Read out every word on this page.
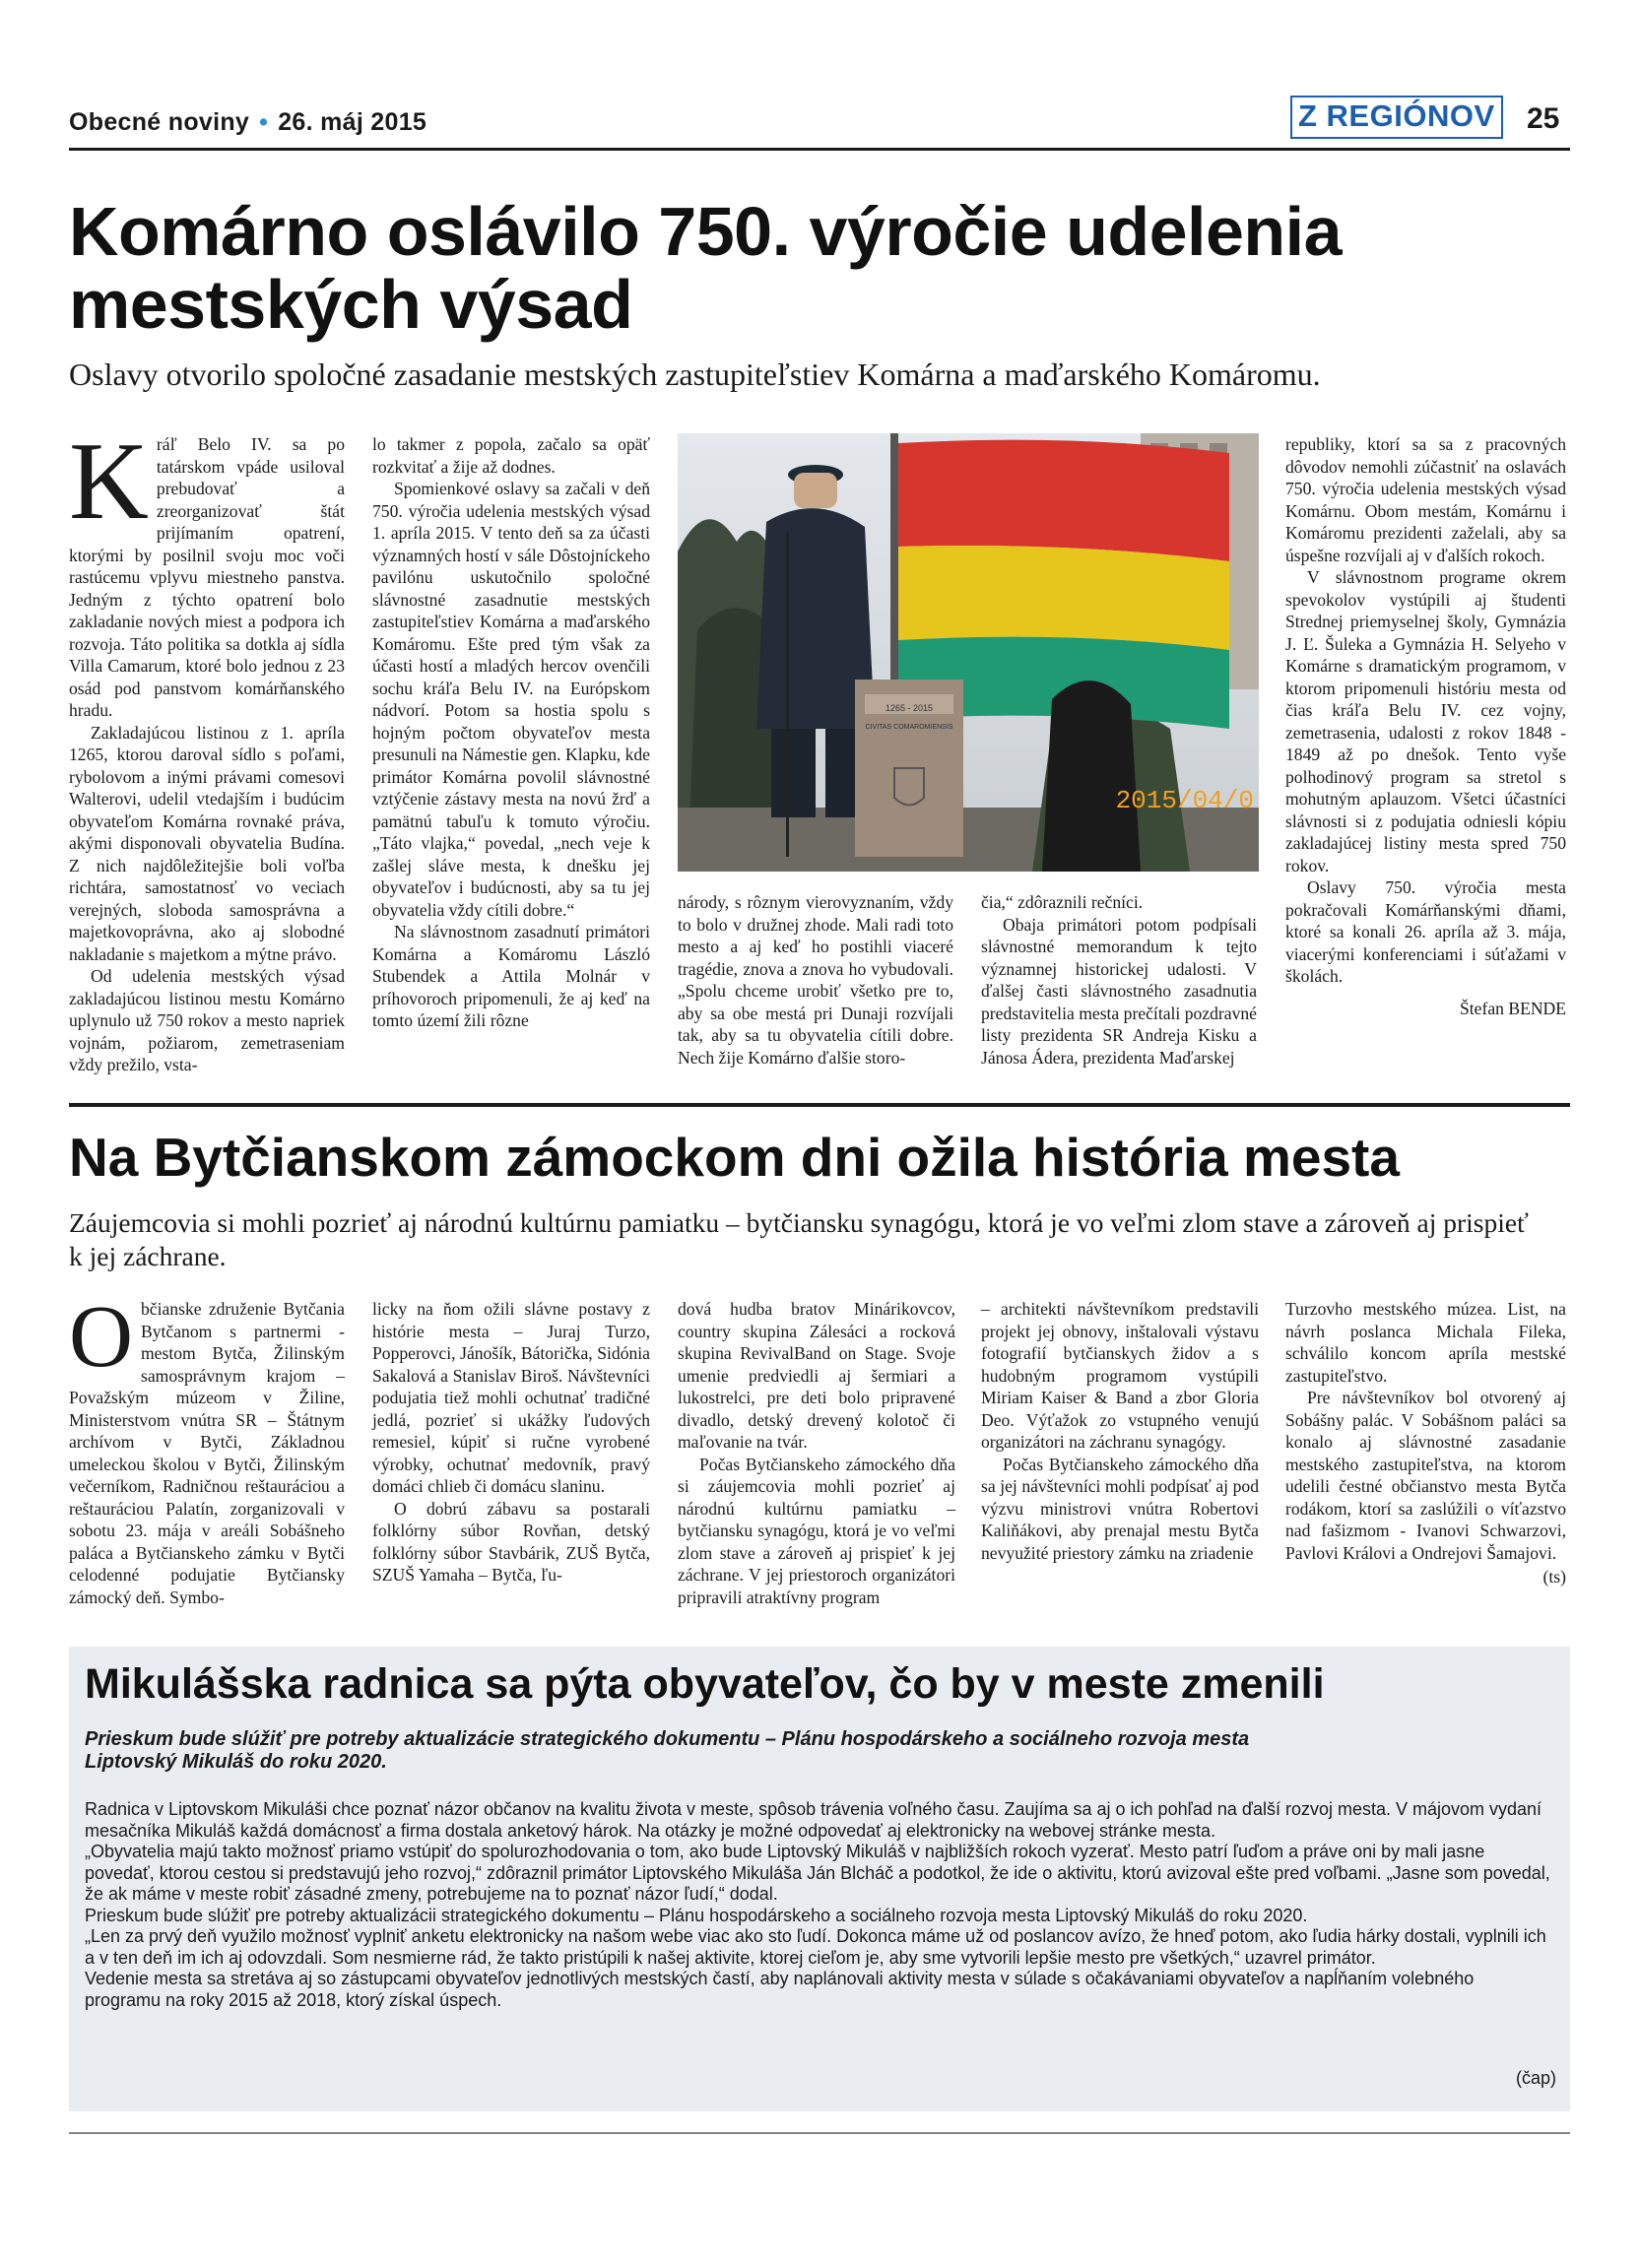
Obecné noviny • 26. máj 2015	Z REGIÓNOV 25
Komárno oslávilo 750. výročie udelenia mestských výsad
Oslavy otvorilo spoločné zasadanie mestských zastupiteľstiev Komárna a maďarského Komáromu.
K ráľ Belo IV. sa po tatárskom vpáde usiloval prebudovať a zreorganizovať štát prijímaním opatrení, ktorými by posilnil svoju moc voči rastúcemu vplyvu miestneho panstva. Jedným z týchto opatrení bolo zakladanie nových miest a podpora ich rozvoja. Táto politika sa dotkla aj sídla Villa Camarum, ktoré bolo jednou z 23 osád pod panstvom komárňanského hradu.

Zakladajúcou listinou z 1. apríla 1265, ktorou daroval sídlo s poľami, rybolovom a inými právami comesovi Walterovi, udelil vtedajším i budúcim obyvateľom Komárna rovnaké práva, akými disponovali obyvatelia Budína. Z nich najdôležitejšie boli voľba richtára, samostatnosť vo veciach verejných, sloboda samosprávna a majetkovoprávna, ako aj slobodné nakladanie s majetkom a mýtne právo.

Od udelenia mestských výsad zakladajúcou listinou mestu Komárno uplynulo už 750 rokov a mesto napriek vojnám, požiarom, zemetraseniam vždy prežilo, vsta-

lo takmer z popola, začalo sa opäť rozkvitať a žije až dodnes.

Spomienkové oslavy sa začali v deň 750. výročia udelenia mestských výsad 1. apríla 2015. V tento deň sa za účasti významných hostí v sále Dôstojníckeho pavilónu uskutočnilo spoločné slávnostné zasadnutie mestských zastupiteľstiev Komárna a maďarského Komáromu. Ešte pred tým však za účasti hostí a mladých hercov ovenčili sochu kráľa Belu IV. na Európskom nádvorí. Potom sa hostia spolu s hojným počtom obyvateľov mesta presunuli na Námestie gen. Klapku, kde primátor Komárna povolil slávnostné vztýčenie zástavy mesta na novú žrď a pamätnú tabuľu k tomuto výročiu. „Táto vlajka,“ povedal, „nech veje k zašlej sláve mesta, k dnešku jej obyvateľov i budúcnosti, aby sa tu jej obyvatelia vždy cítili dobre.“

Na slávnostnom zasadnutí primátori Komárna a Komáromu László Stubendek a Attila Molnár v príhovoroch pripomenuli, že aj keď na tomto území žili rôzne

1265 - 2015
CIVITAS COMAROMIENSIS
2015/04/0

národy, s rôznym vierovyznaním, vždy to bolo v družnej zhode. Mali radi toto mesto a aj keď ho postihli viaceré tragédie, znova a znova ho vybudovali. „Spolu chceme urobiť všetko pre to, aby sa obe mestá pri Dunaji rozvíjali tak, aby sa tu obyvatelia cítili dobre. Nech žije Komárno ďalšie storo-

čia,“ zdôraznili rečníci.

Obaja primátori potom podpísali slávnostné memorandum k tejto významnej historickej udalosti. V ďalšej časti slávnostného zasadnutia predstavitelia mesta prečítali pozdravné listy prezidenta SR Andreja Kisku a Jánosa Ádera, prezidenta Maďarskej

republiky, ktorí sa sa z pracovných dôvodov nemohli zúčastniť na oslavách 750. výročia udelenia mestských výsad Komárnu. Obom mestám, Komárnu i Komáromu prezidenti zaželali, aby sa úspešne rozvíjali aj v ďalších rokoch.

V slávnostnom programe okrem spevokolov vystúpili aj študenti Strednej priemyselnej školy, Gymnázia J. Ľ. Šuleka a Gymnázia H. Selyeho v Komárne s dramatickým programom, v ktorom pripomenuli históriu mesta od čias kráľa Belu IV. cez vojny, zemetrasenia, udalosti z rokov 1848 - 1849 až po dnešok. Tento vyše polhodinový program sa stretol s mohutným aplauzom. Všetci účastníci slávnosti si z podujatia odniesli kópiu zakladajúcej listiny mesta spred 750 rokov.

Oslavy 750. výročia mesta pokračovali Komárňanskými dňami, ktoré sa konali 26. apríla až 3. mája, viacerými konferenciami i súťažami v školách.

Štefan BENDE
Na Bytčianskom zámockom dni ožila história mesta
Záujemcovia si mohli pozrieť aj národnú kultúrnu pamiatku – bytčiansku synagógu, ktorá je vo veľmi zlom stave a zároveň aj prispieť k jej záchrane.
O bčianske združenie Bytčania Bytčanom s partnermi - mestom Bytča, Žilinským samosprávnym krajom – Považským múzeom v Žiline, Ministerstvom vnútra SR – Štátnym archívom v Bytči, Základnou umeleckou školou v Bytči, Žilinským večerníkom, Radničnou reštauráciou a reštauráciou Palatín, zorganizovali v sobotu 23. mája v areáli Sobášneho paláca a Bytčianskeho zámku v Bytči celodenné podujatie Bytčiansky zámocký deň. Symbo-

licky na ňom ožili slávne postavy z histórie mesta – Juraj Turzo, Popperovci, Jánošík, Bátorička, Sidónia Sakalová a Stanislav Biroš. Návštevníci podujatia tiež mohli ochutnať tradičné jedlá, pozrieť si ukážky ľudových remesiel, kúpiť si ručne vyrobené výrobky, ochutnať medovník, pravý domáci chlieb či domácu slaninu.

O dobrú zábavu sa postarali folklórny súbor Rovňan, detský folklórny súbor Stavbárik, ZUŠ Bytča, SZUŠ Yamaha – Bytča, ľu-

dová hudba bratov Minárikovcov, country skupina Zálesáci a rocková skupina RevivalBand on Stage. Svoje umenie predviedli aj šermiari a lukostrelci, pre deti bolo pripravené divadlo, detský drevený kolotoč či maľovanie na tvár.

Počas Bytčianskeho zámockého dňa si záujemcovia mohli pozrieť aj národnú kultúrnu pamiatku – bytčiansku synagógu, ktorá je vo veľmi zlom stave a zároveň aj prispieť k jej záchrane. V jej priestoroch organizátori pripravili atraktívny program

– architekti návštevníkom predstavili projekt jej obnovy, inštalovali výstavu fotografií bytčianskych židov a s hudobným programom vystúpili Miriam Kaiser & Band a zbor Gloria Deo. Výťažok zo vstupného venujú organizátori na záchranu synagógy.

Počas Bytčianskeho zámockého dňa sa jej návštevníci mohli podpísať aj pod výzvu ministrovi vnútra Robertovi Kaliňákovi, aby prenajal mestu Bytča nevyužité priestory zámku na zriadenie

Turzovho mestského múzea. List, na návrh poslanca Michala Fileka, schválilo koncom apríla mestské zastupiteľstvo.

Pre návštevníkov bol otvorený aj Sobášny palác. V Sobášnom paláci sa konalo aj slávnostné zasadanie mestského zastupiteľstva, na ktorom udelili čestné občianstvo mesta Bytča rodákom, ktorí sa zaslúžili o víťazstvo nad fašizmom - Ivanovi Schwarzovi, Pavlovi Královi a Ondrejovi Šamajovi.

(ts)
Mikulášska radnica sa pýta obyvateľov, čo by v meste zmenili
Prieskum bude slúžiť pre potreby aktualizácie strategického dokumentu – Plánu hospodárskeho a sociálneho rozvoja mesta Liptovský Mikuláš do roku 2020.

Radnica v Liptovskom Mikuláši chce poznať názor občanov na kvalitu života v meste, spôsob trávenia voľného času. Zaujíma sa aj o ich pohľad na ďalší rozvoj mesta. V májovom vydaní mesačníka Mikuláš každá domácnosť a firma dostala anketový hárok. Na otázky je možné odpovedať aj elektronicky na webovej stránke mesta.

„Obyvatelia majú takto možnosť priamo vstúpiť do spolurozhodovania o tom, ako bude Liptovský Mikuláš v najbližších rokoch vyzerať. Mesto patrí ľuďom a práve oni by mali jasne povedať, ktorou cestou si predstavujú jeho rozvoj,“ zdôraznil primátor Liptovského Mikuláša Ján Blcháč a podotkol, že ide o aktivitu, ktorú avizoval ešte pred voľbami. „Jasne som povedal, že ak máme v meste robiť zásadné zmeny, potrebujeme na to poznať názor ľudí,“ dodal.

Prieskum bude slúžiť pre potreby aktualizácii strategického dokumentu – Plánu hospodárskeho a sociálneho rozvoja mesta Liptovský Mikuláš do roku 2020.

„Len za prvý deň využilo možnosť vyplniť anketu elektronicky na našom webe viac ako sto ľudí. Dokonca máme už od poslancov avízo, že hneď potom, ako ľudia hárky dostali, vyplnili ich a v ten deň im ich aj odovzdali. Som nesmierne rád, že takto pristúpili k našej aktivite, ktorej cieľom je, aby sme vytvorili lepšie mesto pre všetkých,“ uzavrel primátor.

Vedenie mesta sa stretáva aj so zástupcami obyvateľov jednotlivých mestských častí, aby naplánovali aktivity mesta v súlade s očakávaniami obyvateľov a napĺňaním volebného programu na roky 2015 až 2018, ktorý získal úspech.

(čap)
